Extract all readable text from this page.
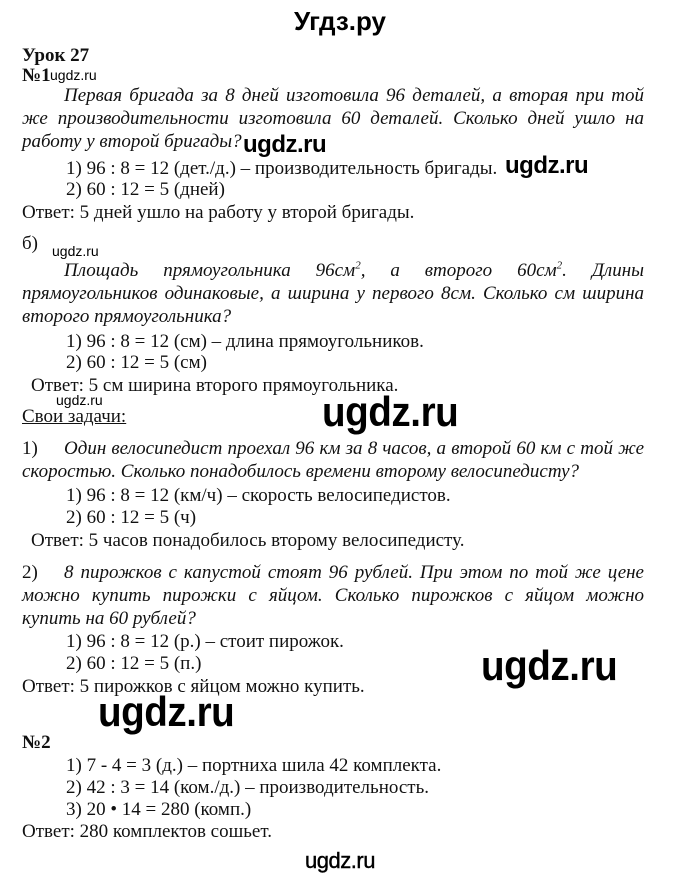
Угдз.ру
Урок 27
№1 ugdz.ru
Первая бригада за 8 дней изготовила 96 деталей, а вторая при той
же производительности изготовила 60 деталей. Сколько дней ушло на
работу у второй бригады? ugdz.ru
1) 96 : 8 = 12 (дет./д.) – производительность бригады. ugdz.ru
2) 60 : 12 = 5 (дней)
Ответ: 5 дней ушло на работу у второй бригады.
б) ugdz.ru
Площадь прямоугольника $96см^2$, а второго $60см^2$. Длины
прямоугольников одинаковые, а ширина у первого 8см. Сколько см ширина
второго прямоугольника?
1) 96 : 8 = 12 (см) – длина прямоугольников.
2) 60 : 12 = 5 (см)
Ответ: 5 см ширина второго прямоугольника.
ugdz.ru
Свои задачи:	ugdz.ru
1)	Один велосипедист проехал 96 км за 8 часов, а второй 60 км с той же
скоростью. Сколько понадобилось времени второму велосипедисту?
1) 96 : 8 = 12 (км/ч) – скорость велосипедистов.
2) 60 : 12 = 5 (ч)
Ответ: 5 часов понадобилось второму велосипедисту.
2)	8 пирожков с капустой стоят 96 рублей. При этом по той же цене
можно купить пирожки с яйцом. Сколько пирожков с яйцом можно
купить на 60 рублей?
1) 96 : 8 = 12 (р.) – стоит пирожок.
2) 60 : 12 = 5 (п.)	ugdz.ru
Ответ: 5 пирожков с яйцом можно купить.
ugdz.ru
№2
1) 7 - 4 = 3 (д.) – портниха шила 42 комплекта.
2) 42 : 3 = 14 (ком./д.) – производительность.
3) 20 • 14 = 280 (комп.)
Ответ: 280 комплектов сошьет.
ugdz.ru
